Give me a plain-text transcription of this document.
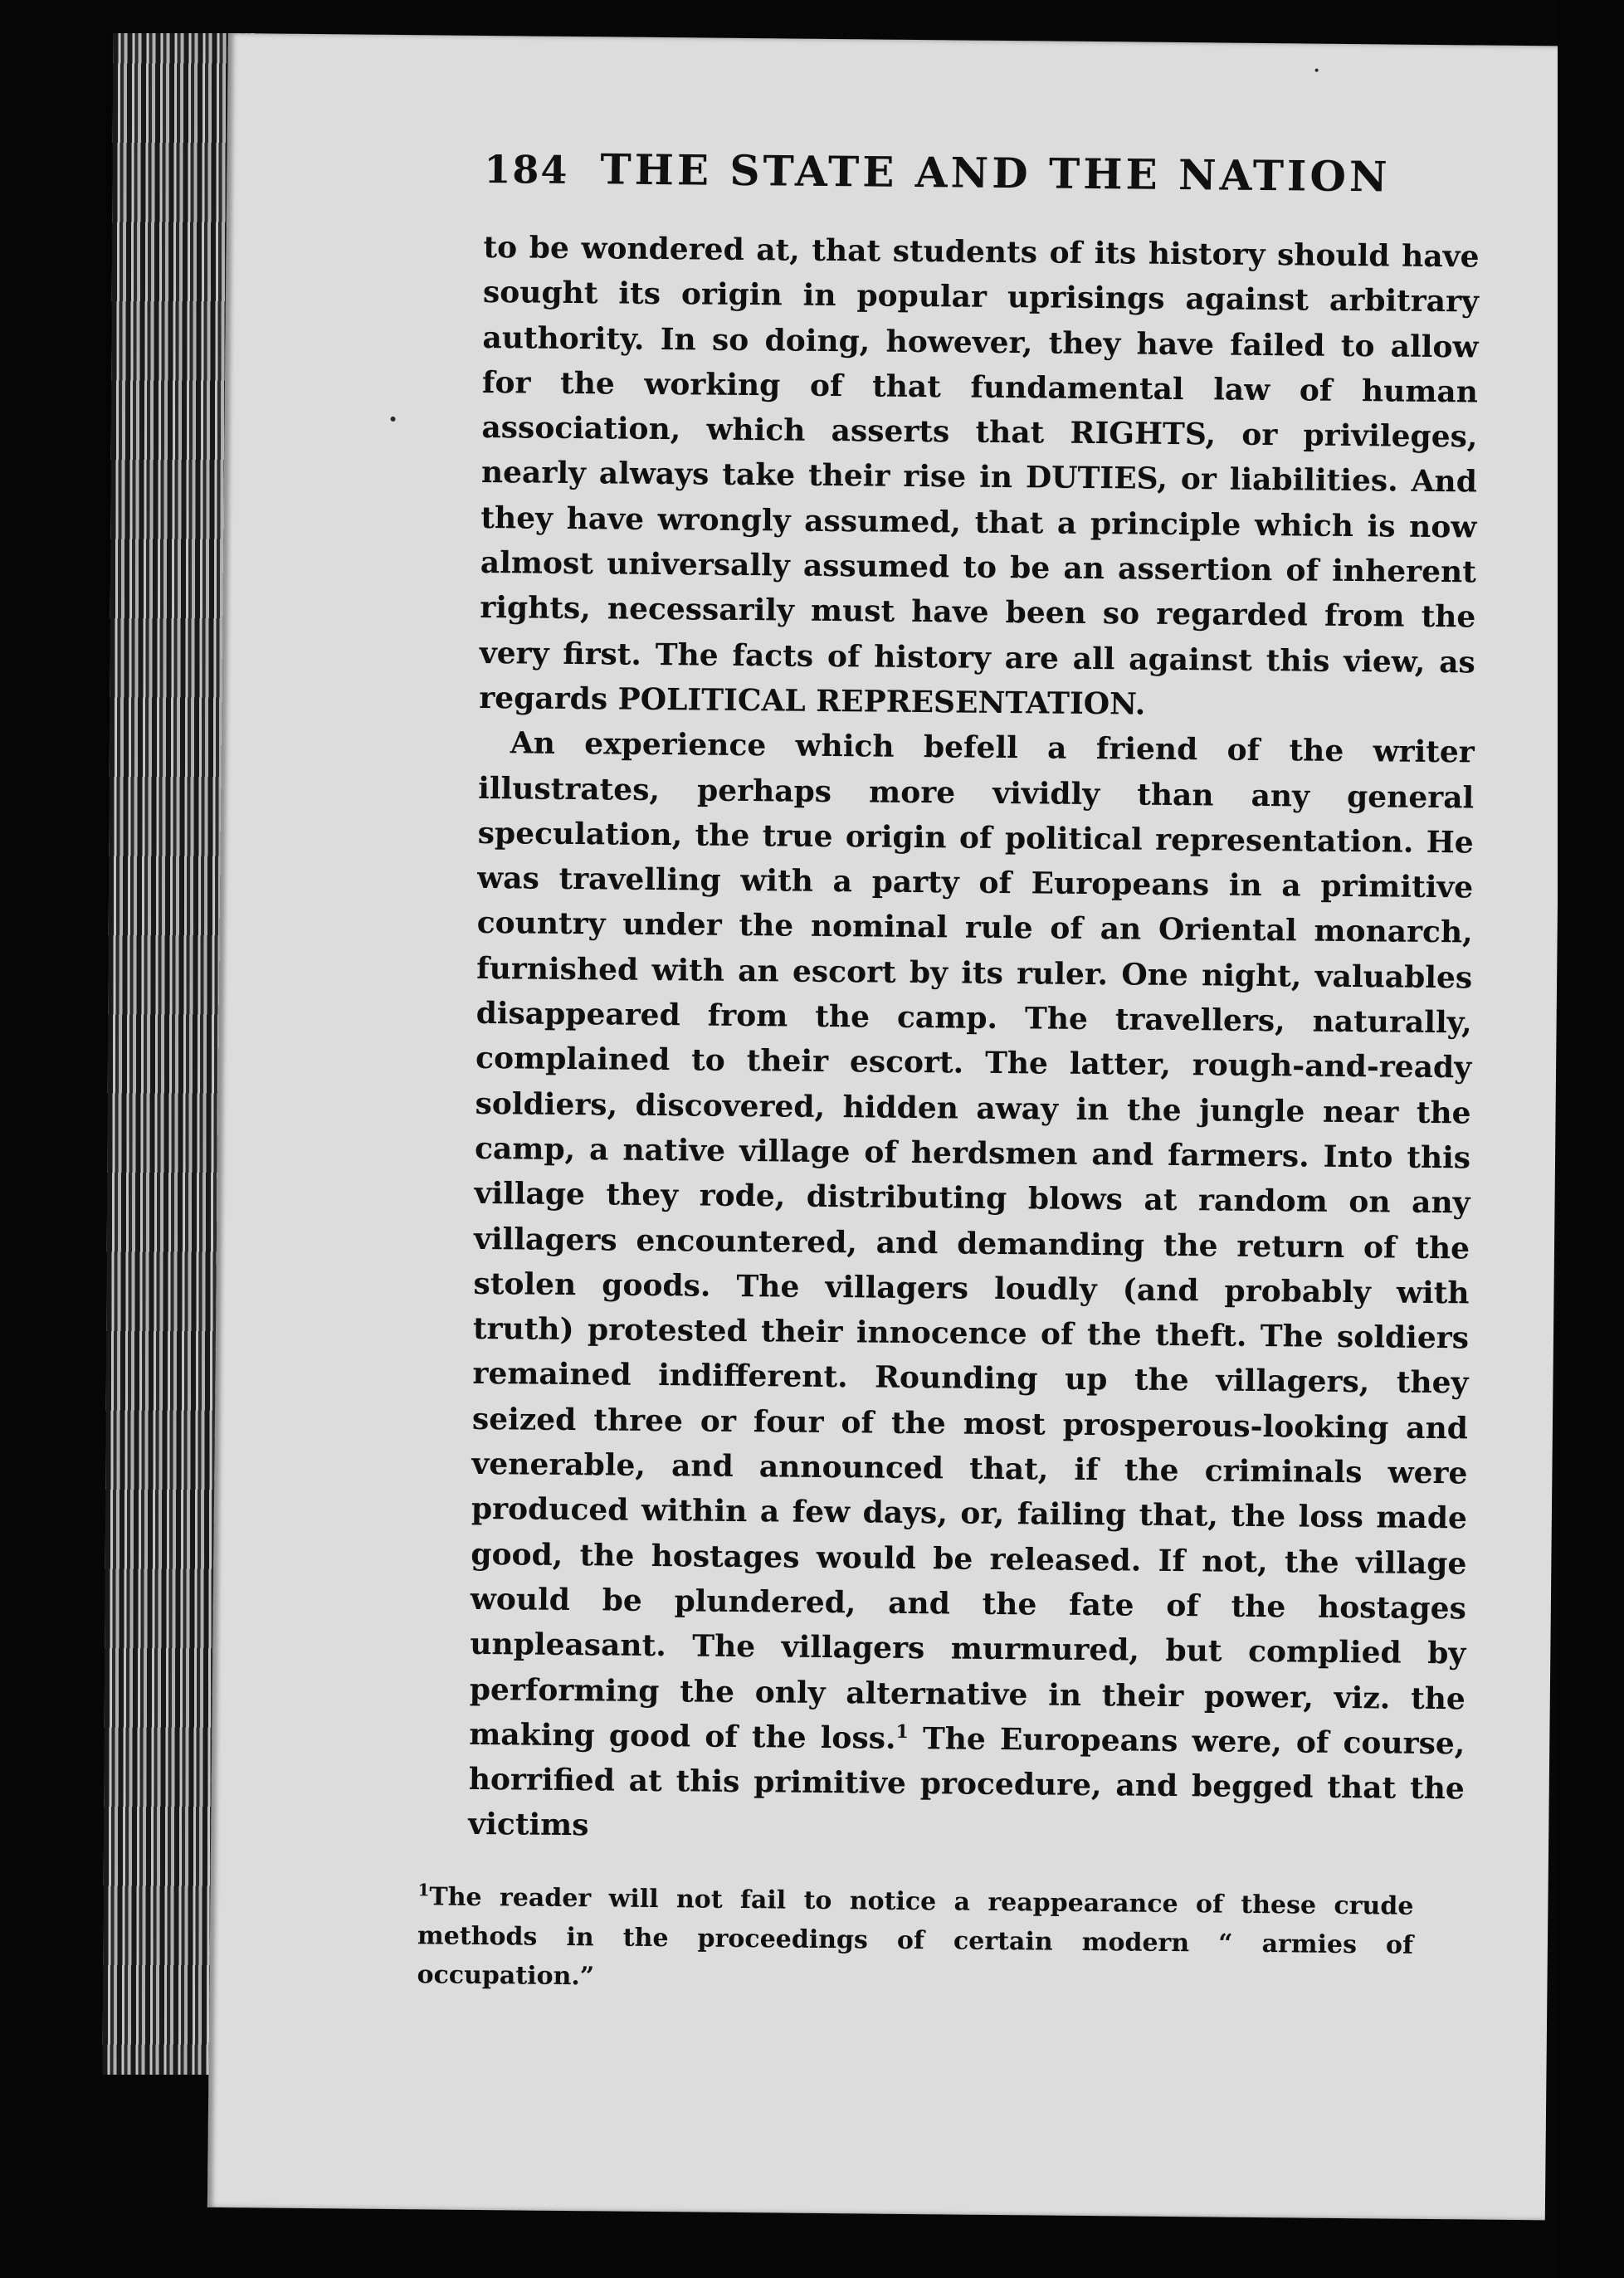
184 THE STATE AND THE NATION

to be wondered at, that students of its history should have sought its origin in popular uprisings against arbitrary authority. In so doing, however, they have failed to allow for the working of that fundamental law of human association, which asserts that RIGHTS, or privileges, nearly always take their rise in DUTIES, or liabilities. And they have wrongly assumed, that a principle which is now almost universally assumed to be an assertion of inherent rights, necessarily must have been so regarded from the very first. The facts of history are all against this view, as regards POLITICAL REPRESENTATION.

An experience which befell a friend of the writer illustrates, perhaps more vividly than any general speculation, the true origin of political representation. He was travelling with a party of Europeans in a primitive country under the nominal rule of an Oriental monarch, furnished with an escort by its ruler. One night, valuables disappeared from the camp. The travellers, naturally, complained to their escort. The latter, rough-and-ready soldiers, discovered, hidden away in the jungle near the camp, a native village of herdsmen and farmers. Into this village they rode, distributing blows at random on any villagers encountered, and demanding the return of the stolen goods. The villagers loudly (and probably with truth) protested their innocence of the theft. The soldiers remained indifferent. Rounding up the villagers, they seized three or four of the most prosperous-looking and venerable, and announced that, if the criminals were produced within a few days, or, failing that, the loss made good, the hostages would be released. If not, the village would be plundered, and the fate of the hostages unpleasant. The villagers murmured, but complied by performing the only alternative in their power, viz. the making good of the loss.$^1$ The Europeans were, of course, horrified at this primitive procedure, and begged that the victims

$^1$The reader will not fail to notice a reappearance of these crude methods in the proceedings of certain modern “ armies of occupation.”
